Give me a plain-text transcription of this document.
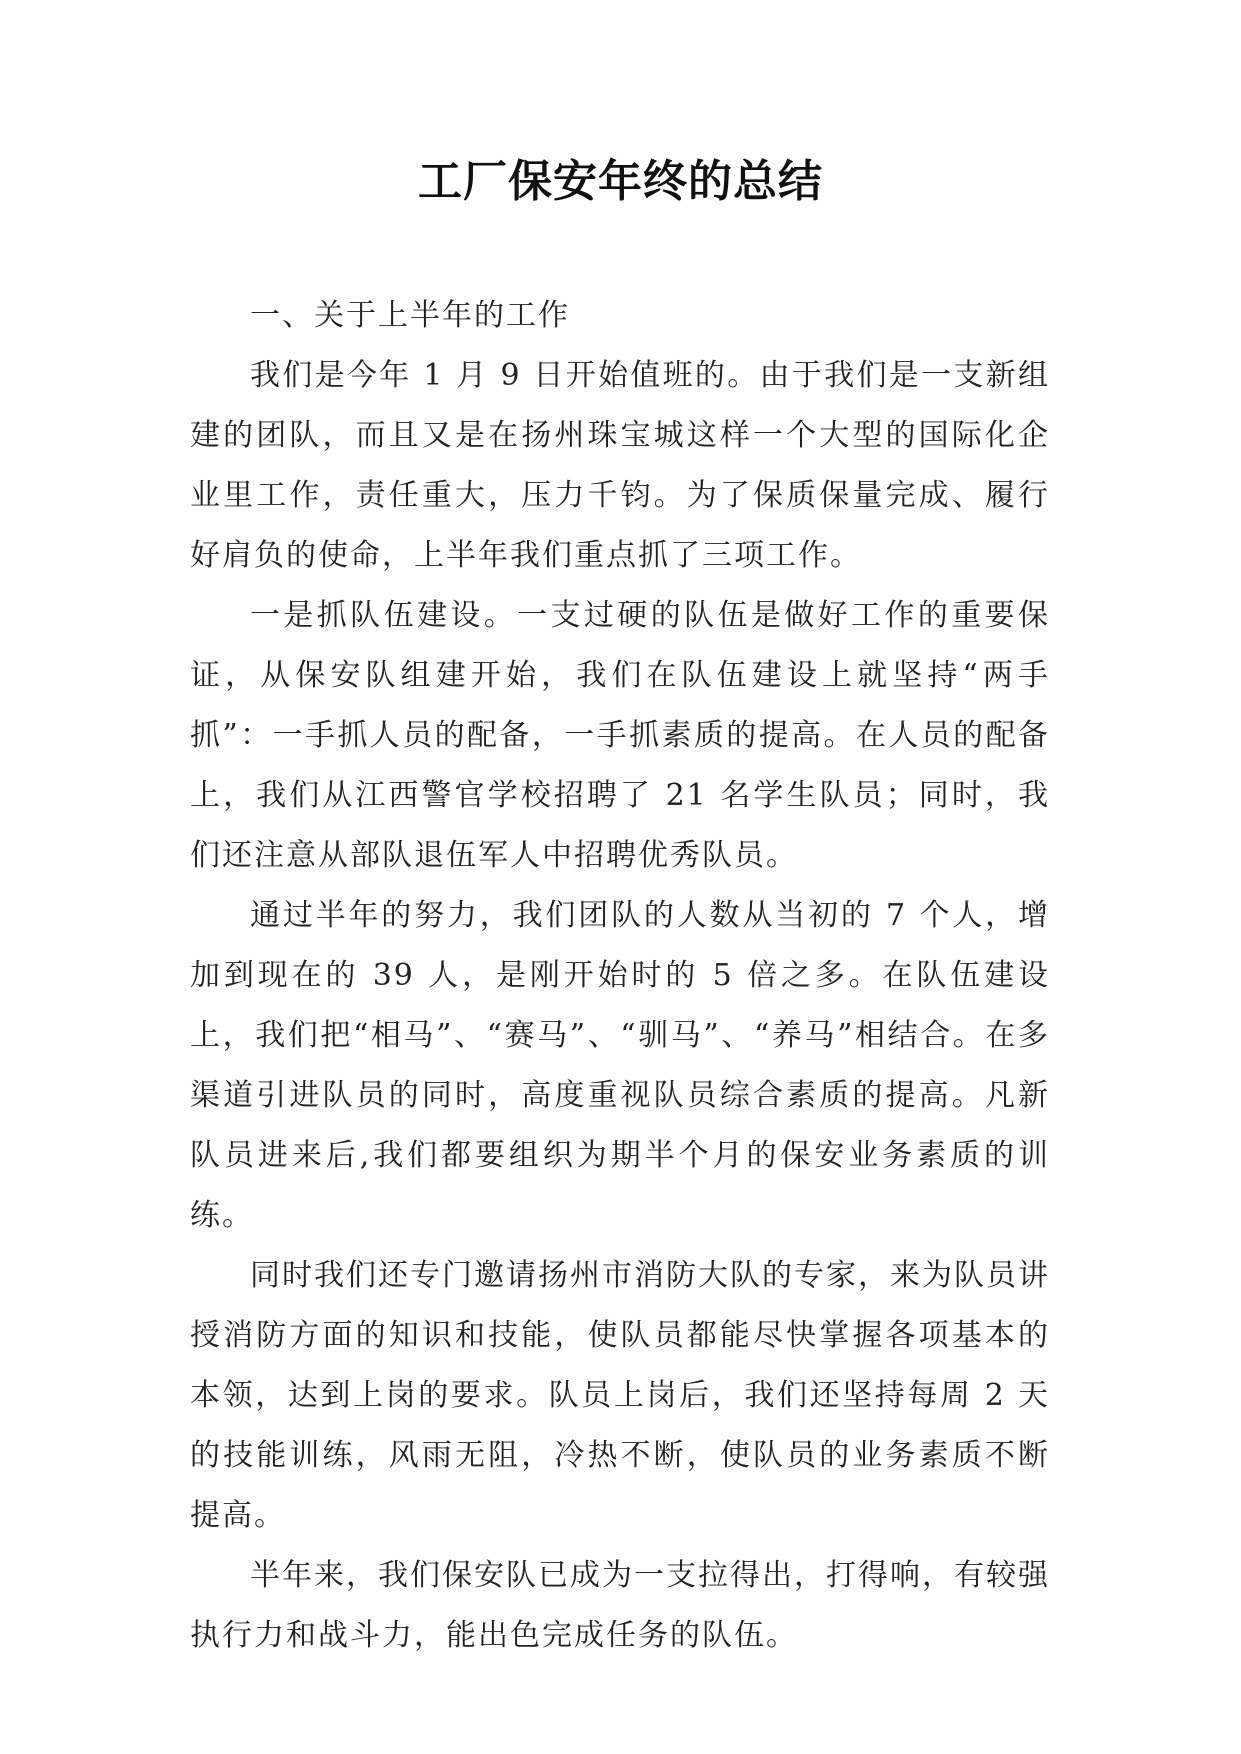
工厂保安年终的总结

一、关于上半年的工作

我们是今年 1 月 9 日开始值班的。由于我们是一支新组建的团队，而且又是在扬州珠宝城这样一个大型的国际化企业里工作，责任重大，压力千钧。为了保质保量完成、履行好肩负的使命，上半年我们重点抓了三项工作。

一是抓队伍建设。一支过硬的队伍是做好工作的重要保证，从保安队组建开始，我们在队伍建设上就坚持“两手抓”：一手抓人员的配备，一手抓素质的提高。在人员的配备上，我们从江西警官学校招聘了 21 名学生队员；同时，我们还注意从部队退伍军人中招聘优秀队员。

通过半年的努力，我们团队的人数从当初的 7 个人，增加到现在的 39 人，是刚开始时的 5 倍之多。在队伍建设上，我们把“相马”、“赛马”、“驯马”、“养马”相结合。在多渠道引进队员的同时，高度重视队员综合素质的提高。凡新队员进来后,我们都要组织为期半个月的保安业务素质的训练。

同时我们还专门邀请扬州市消防大队的专家，来为队员讲授消防方面的知识和技能，使队员都能尽快掌握各项基本的本领，达到上岗的要求。队员上岗后，我们还坚持每周 2 天的技能训练，风雨无阻，冷热不断，使队员的业务素质不断提高。

半年来，我们保安队已成为一支拉得出，打得响，有较强执行力和战斗力，能出色完成任务的队伍。
